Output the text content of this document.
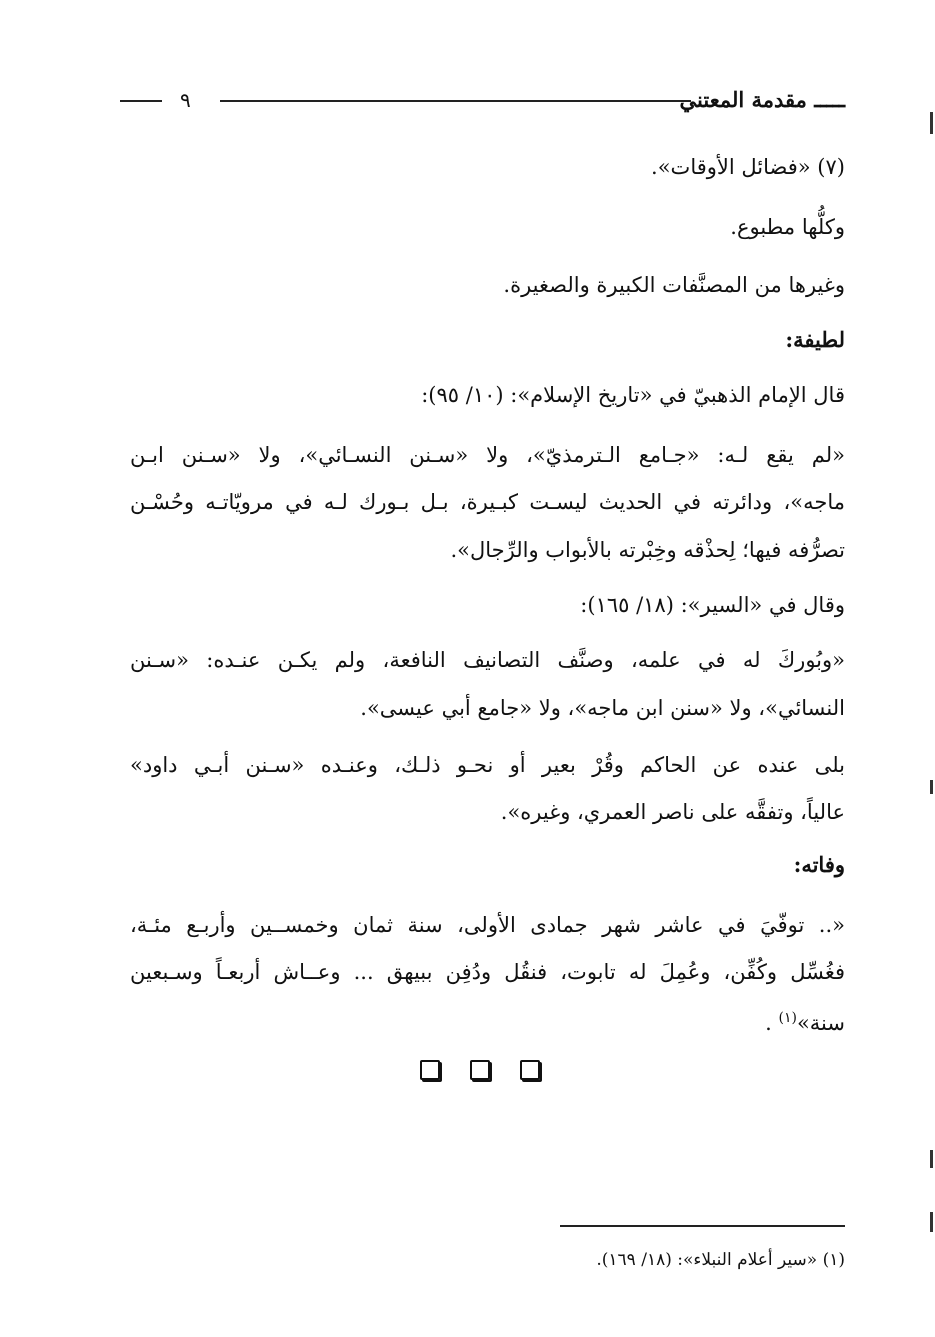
٩	ـــــ مقدمة المعتني
(٧) «فضائل الأوقات».
وكلُّها مطبوع.
وغيرها من المصنَّفات الكبيرة والصغيرة.
لطيفة:
قال الإمام الذهبيّ في «تاريخ الإسلام»: (١٠/ ٩٥):
«لم يقع لـه: «جـامع الـترمذيّ»، ولا «سـنن النسـائي»، ولا «سـنن ابـن
ماجه»، ودائرته في الحديث ليسـت كبـيرة، بـل بـورك لـه في مرويّاتـه وحُسْـن
تصرُّفه فيها؛ لِحذْقه وخِبْرته بالأبواب والرِّجال».
وقال في «السير»: (١٨/ ١٦٥):
«وبُوركَ له في علمه، وصنَّف التصانيف النافعة، ولم يكـن عنـده: «سـنن
النسائي»، ولا «سنن ابن ماجه»، ولا «جامع أبي عيسى».
بلى عنده عن الحاكم وقُرْ بعير أو نحـو ذلـك، وعنـده «سـنن أبـي داود»
عالياً، وتفقَّه على ناصر العمري، وغيره».
وفاته:
«.. توفّيَ في عاشر شهر جمادى الأولى، سنة ثمان وخمســين وأربـع مئـة،
فغُسِّل وكُفِّن، وعُمِلَ له تابوت، فنقُل ودُفِن ببيهق ... وعــاش أربعـاً وسـبعين
سنة»$^{(١)}$ .
(١) «سير أعلام النبلاء»: (١٨/ ١٦٩).
